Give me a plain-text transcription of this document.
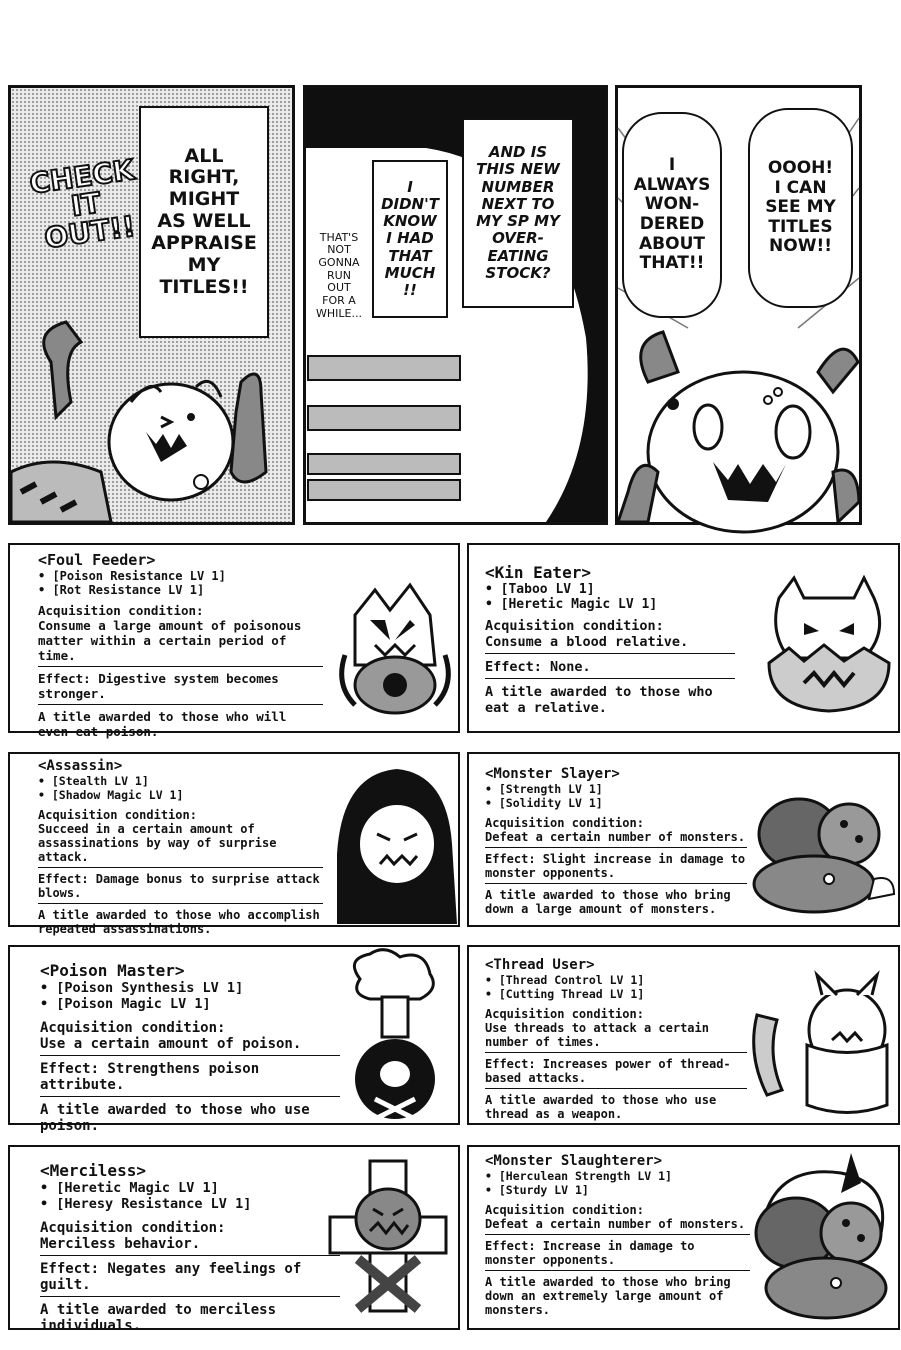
CHECK
IT
OUT!!
ALL
RIGHT,
MIGHT
AS WELL
APPRAISE
MY
TITLES!!
THAT'S
NOT
GONNA
RUN
OUT
FOR A
WHILE...
I
DIDN'T
KNOW
I HAD
THAT
MUCH
!!
AND IS
THIS NEW
NUMBER
NEXT TO
MY SP MY
OVER-
EATING
STOCK?
I
ALWAYS
WON-
DERED
ABOUT
THAT!!
OOOH!
I CAN
SEE MY
TITLES
NOW!!
<Foul Feeder>
• [Poison Resistance LV 1]
• [Rot Resistance LV 1]
Acquisition condition:
Consume a large amount of poisonous matter within a certain period of time.
Effect: Digestive system becomes stronger.
A title awarded to those who will even eat poison.
<Kin Eater>
• [Taboo LV 1]
• [Heretic Magic LV 1]
Acquisition condition:
Consume a blood relative.
Effect: None.
A title awarded to those who eat a relative.
<Assassin>
• [Stealth LV 1]
• [Shadow Magic LV 1]
Acquisition condition:
Succeed in a certain amount of assassinations by way of surprise attack.
Effect: Damage bonus to surprise attack blows.
A title awarded to those who accomplish repeated assassinations.
<Monster Slayer>
• [Strength LV 1]
• [Solidity LV 1]
Acquisition condition:
Defeat a certain number of monsters.
Effect: Slight increase in damage to monster opponents.
A title awarded to those who bring down a large amount of monsters.
<Poison Master>
• [Poison Synthesis LV 1]
• [Poison Magic LV 1]
Acquisition condition:
Use a certain amount of poison.
Effect: Strengthens poison attribute.
A title awarded to those who use poison.
<Thread User>
• [Thread Control LV 1]
• [Cutting Thread LV 1]
Acquisition condition:
Use threads to attack a certain number of times.
Effect: Increases power of thread-based attacks.
A title awarded to those who use thread as a weapon.
<Merciless>
• [Heretic Magic LV 1]
• [Heresy Resistance LV 1]
Acquisition condition:
Merciless behavior.
Effect: Negates any feelings of guilt.
A title awarded to merciless individuals.
<Monster Slaughterer>
• [Herculean Strength LV 1]
• [Sturdy LV 1]
Acquisition condition:
Defeat a certain number of monsters.
Effect: Increase in damage to monster opponents.
A title awarded to those who bring down an extremely large amount of monsters.
